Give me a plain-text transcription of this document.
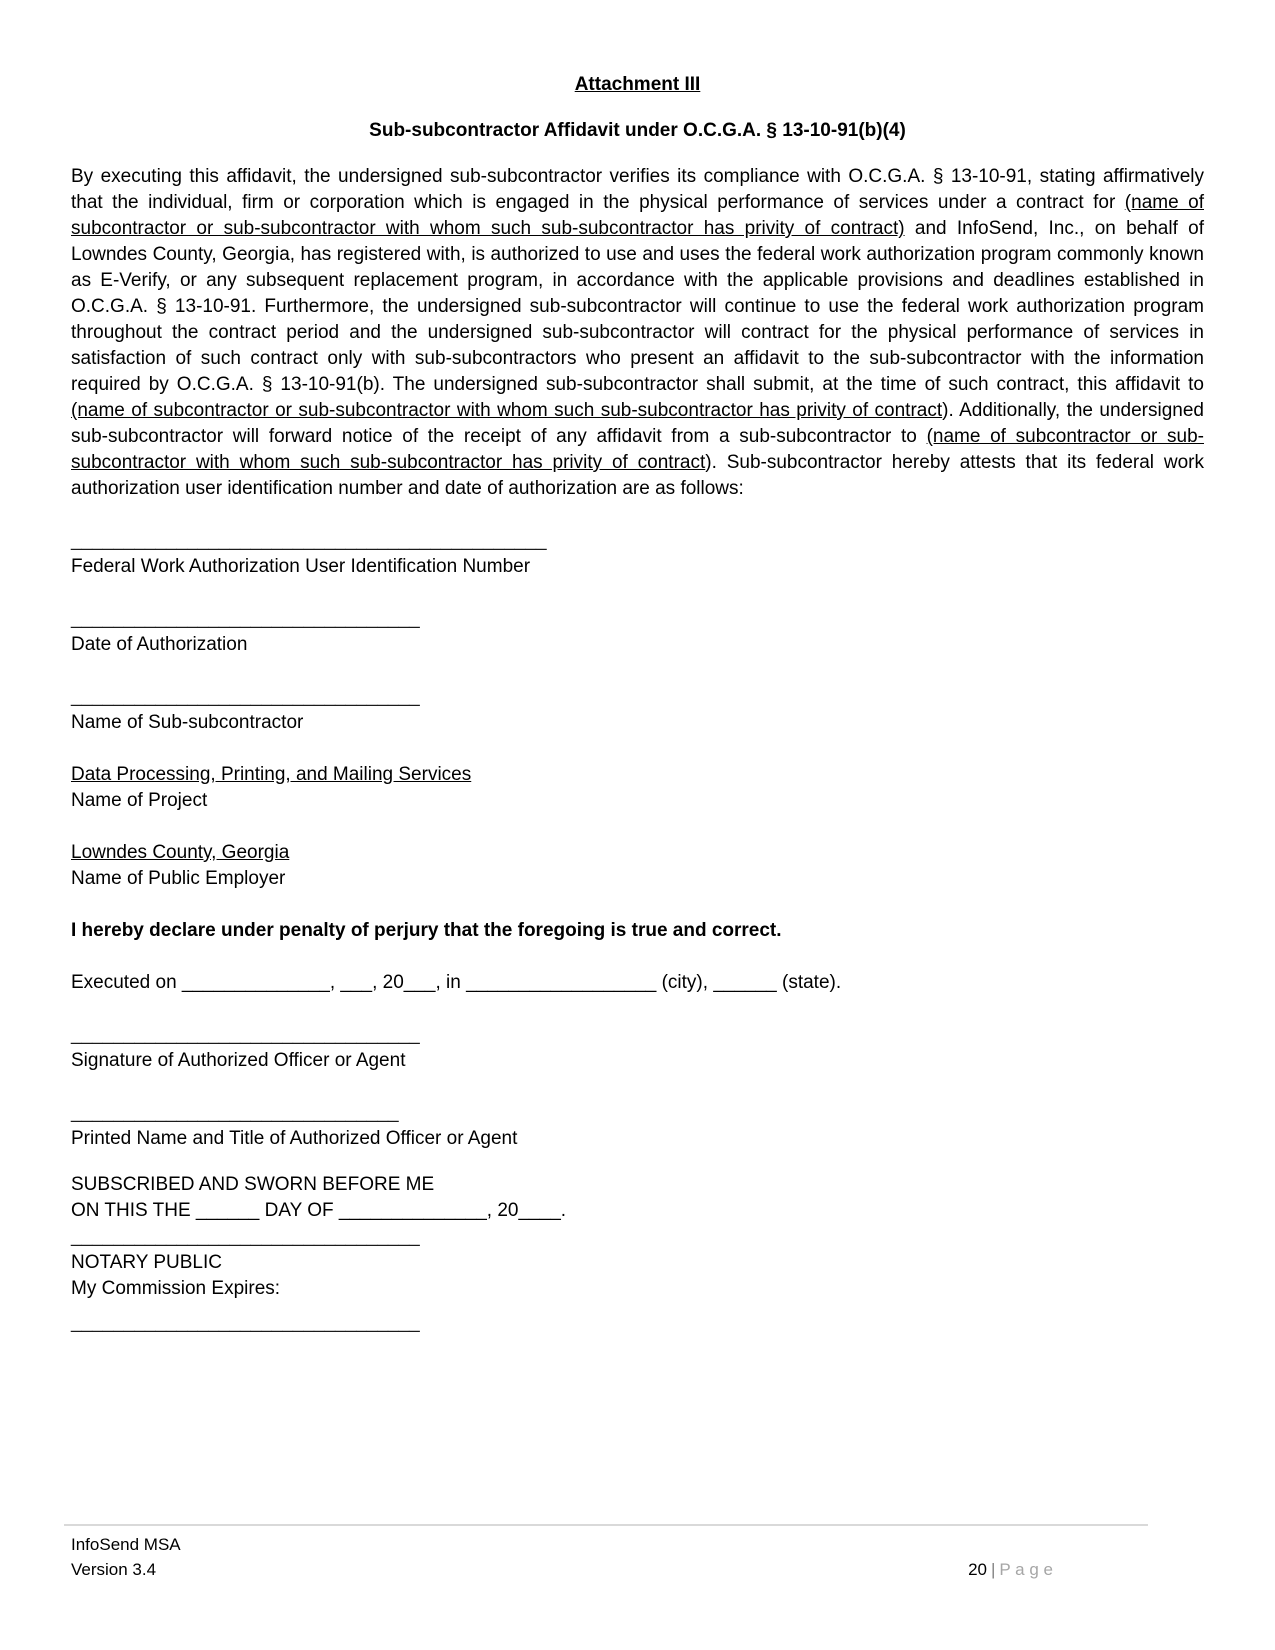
Attachment III

Sub-subcontractor Affidavit under O.C.G.A. § 13-10-91(b)(4)

By executing this affidavit, the undersigned sub-subcontractor verifies its compliance with O.C.G.A. § 13-10-91, stating affirmatively that the individual, firm or corporation which is engaged in the physical performance of services under a contract for (name of subcontractor or sub-subcontractor with whom such sub-subcontractor has privity of contract) and InfoSend, Inc., on behalf of Lowndes County, Georgia, has registered with, is authorized to use and uses the federal work authorization program commonly known as E-Verify, or any subsequent replacement program, in accordance with the applicable provisions and deadlines established in O.C.G.A. § 13-10-91. Furthermore, the undersigned sub-subcontractor will continue to use the federal work authorization program throughout the contract period and the undersigned sub-subcontractor will contract for the physical performance of services in satisfaction of such contract only with sub-subcontractors who present an affidavit to the sub-subcontractor with the information required by O.C.G.A. § 13-10-91(b). The undersigned sub-subcontractor shall submit, at the time of such contract, this affidavit to (name of subcontractor or sub-subcontractor with whom such sub-subcontractor has privity of contract). Additionally, the undersigned sub-subcontractor will forward notice of the receipt of any affidavit from a sub-subcontractor to (name of subcontractor or sub-subcontractor with whom such sub-subcontractor has privity of contract). Sub-subcontractor hereby attests that its federal work authorization user identification number and date of authorization are as follows:

_____________________________________________
Federal Work Authorization User Identification Number
_________________________________
Date of Authorization
_________________________________
Name of Sub-subcontractor
Data Processing, Printing, and Mailing Services
Name of Project
Lowndes County, Georgia
Name of Public Employer

I hereby declare under penalty of perjury that the foregoing is true and correct.

Executed on ______________, ___, 20___, in __________________ (city), ______ (state).

_________________________________
Signature of Authorized Officer or Agent
_______________________________
Printed Name and Title of Authorized Officer or Agent
SUBSCRIBED AND SWORN BEFORE ME
ON THIS THE ______ DAY OF ______________, 20____.
_________________________________
NOTARY PUBLIC
My Commission Expires:
_________________________________
InfoSend MSA
Version 3.4	20 | P a g e
